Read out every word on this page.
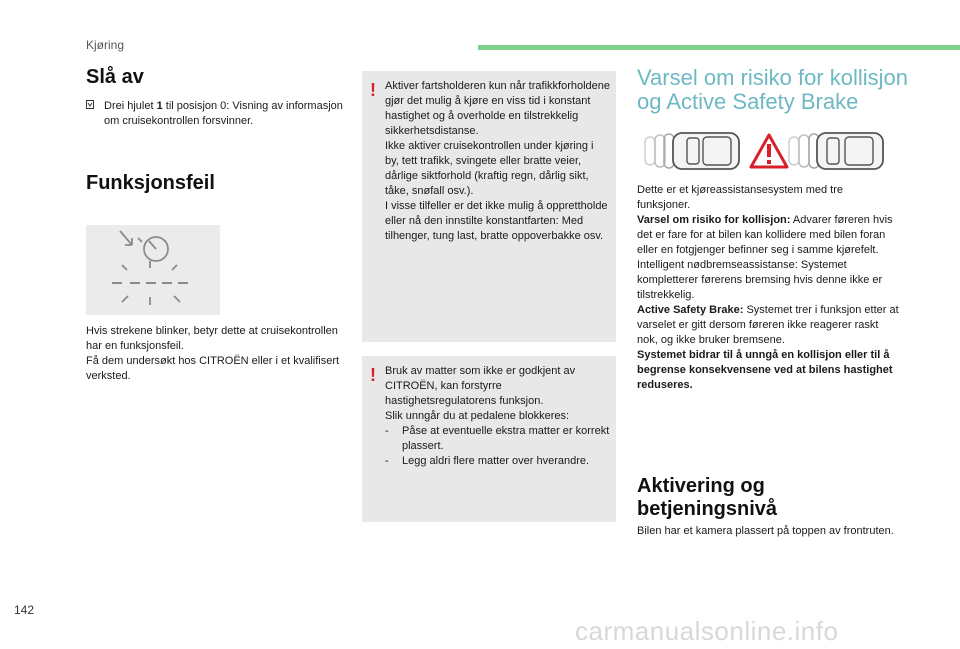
Kjøring
Slå av
Drei hjulet 1 til posisjon 0: Visning av informasjon om cruisekontrollen forsvinner.
Funksjonsfeil
Hvis strekene blinker, betyr dette at cruisekontrollen har en funksjonsfeil.
Få dem undersøkt hos CITROËN eller i et kvalifisert verksted.
! Aktiver fartsholderen kun når trafikkforholdene gjør det mulig å kjøre en viss tid i konstant hastighet og å overholde en tilstrekkelig sikkerhetsdistanse.
Ikke aktiver cruisekontrollen under kjøring i by, tett trafikk, svingete eller bratte veier, dårlige siktforhold (kraftig regn, dårlig sikt, tåke, snøfall osv.).
I visse tilfeller er det ikke mulig å opprettholde eller nå den innstilte konstantfarten: Med tilhenger, tung last, bratte oppoverbakke osv.
! Bruk av matter som ikke er godkjent av CITROËN, kan forstyrre hastighetsregulatorens funksjon.
Slik unngår du at pedalene blokkeres:
-	Påse at eventuelle ekstra matter er korrekt plassert.
-	Legg aldri flere matter over hverandre.
Varsel om risiko for kollisjon og Active Safety Brake
Dette er et kjøreassistansesystem med tre funksjoner.
Varsel om risiko for kollisjon: Advarer føreren hvis det er fare for at bilen kan kollidere med bilen foran eller en fotgjenger befinner seg i samme kjørefelt.
Intelligent nødbremseassistanse: Systemet kompletterer førerens bremsing hvis denne ikke er tilstrekkelig.
Active Safety Brake: Systemet trer i funksjon etter at varselet er gitt dersom føreren ikke reagerer raskt nok, og ikke bruker bremsene.
Systemet bidrar til å unngå en kollisjon eller til å begrense konsekvensene ved at bilens hastighet reduseres.
Aktivering og betjeningsnivå
Bilen har et kamera plassert på toppen av frontruten.
142
carmanualsonline.info
